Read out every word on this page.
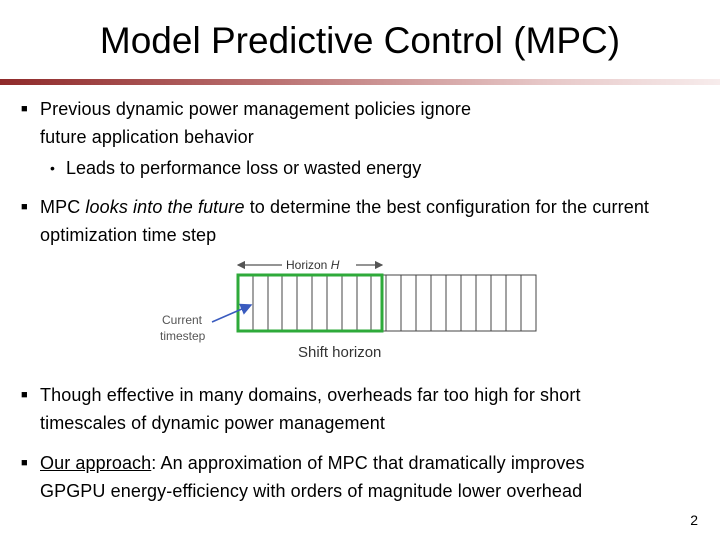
Model Predictive Control (MPC)
■ Previous dynamic power management policies ignore
future application behavior
• Leads to performance loss or wasted energy
■ MPC looks into the future to determine the best configuration for the current
optimization time step
Horizon H
Current
timestep
Shift horizon
■ Though effective in many domains, overheads far too high for short
timescales of dynamic power management
■ Our approach: An approximation of MPC that dramatically improves
GPGPU energy-efficiency with orders of magnitude lower overhead
2
